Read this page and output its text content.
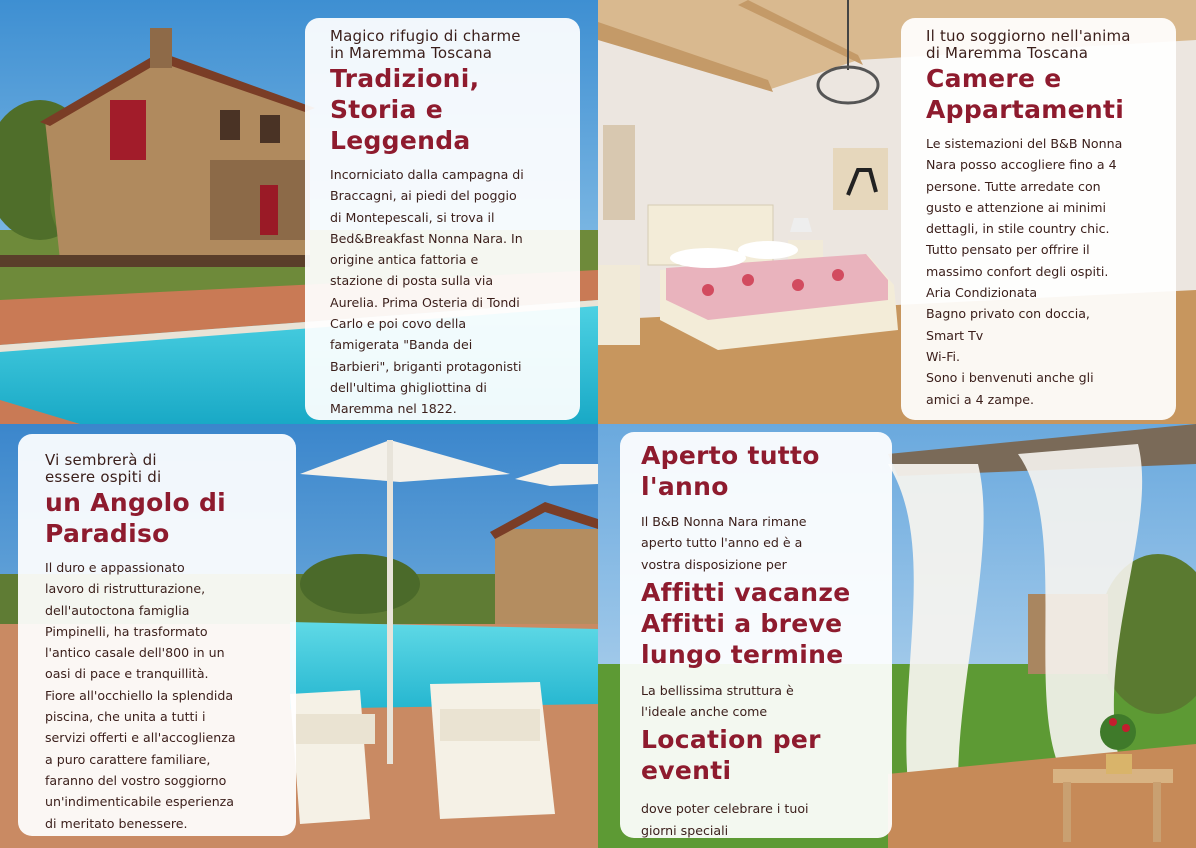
Magico rifugio di charme
in Maremma Toscana
Tradizioni,
Storia e
Leggenda
Incorniciato dalla campagna di
Braccagni, ai piedi del poggio
di Montepescali, si trova il
Bed&Breakfast Nonna Nara. In
origine antica fattoria e
stazione di posta sulla via
Aurelia. Prima Osteria di Tondi
Carlo e poi covo della
famigerata "Banda dei
Barbieri", briganti protagonisti
dell'ultima ghigliottina di
Maremma nel 1822.
Il tuo soggiorno nell'anima
di Maremma Toscana
Camere e
Appartamenti
Le sistemazioni del B&B Nonna
Nara posso accogliere fino a 4
persone. Tutte arredate con
gusto e attenzione ai minimi
dettagli, in stile country chic.
Tutto pensato per offrire il
massimo confort degli ospiti.
Aria Condizionata
Bagno privato con doccia,
Smart Tv
Wi-Fi.
Sono i benvenuti anche gli
amici a 4 zampe.
Vi sembrerà di
essere ospiti di
un Angolo di
Paradiso
Il duro e appassionato
lavoro di ristrutturazione,
dell'autoctona famiglia
Pimpinelli, ha trasformato
l'antico casale dell'800 in un
oasi di pace e tranquillità.
Fiore all'occhiello la splendida
piscina, che unita a tutti i
servizi offerti e all'accoglienza
a puro carattere familiare,
faranno del vostro soggiorno
un'indimenticabile esperienza
di meritato benessere.
Aperto tutto
l'anno
Il B&B Nonna Nara rimane
aperto tutto l'anno ed è a
vostra disposizione per
Affitti vacanze
Affitti a breve
lungo termine
La bellissima struttura è
l'ideale anche come
Location per
eventi
dove poter celebrare i tuoi
giorni speciali
